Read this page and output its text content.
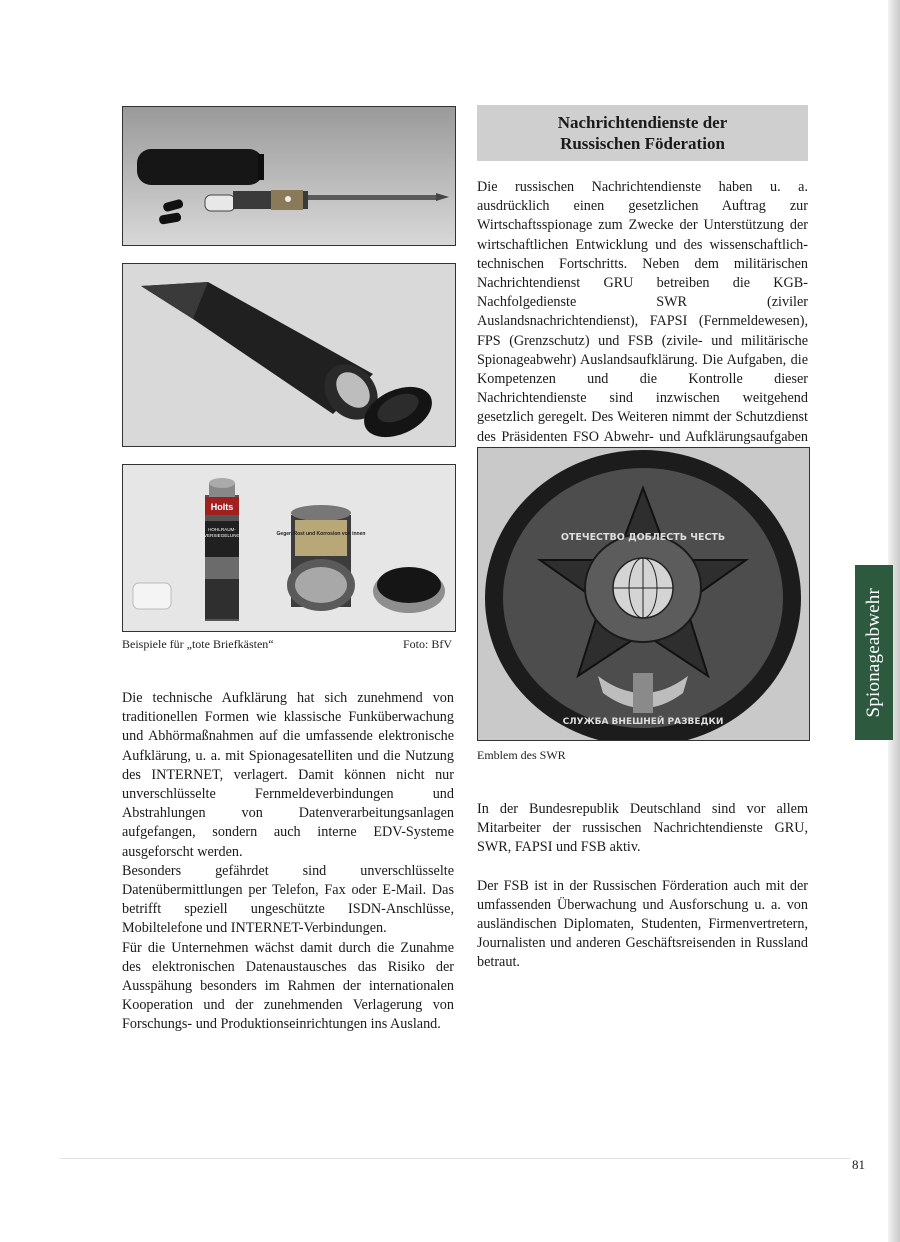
Holts
HOHLRAUM-
VERSIEGELUNG	Gegen Rost und Korrosion von innen
Beispiele für „tote Briefkästen“	Foto: BfV
Nachrichtendienste der
Russischen Föderation
Die russischen Nachrichtendienste haben u. a. ausdrücklich einen gesetzlichen Auftrag zur Wirtschaftsspionage zum Zwecke der Unterstützung der wirtschaftlichen Entwicklung und des wissenschaftlich-technischen Fortschritts. Neben dem militärischen Nachrichtendienst GRU betreiben die KGB-Nachfolgedienste SWR (ziviler Auslandsnachrichtendienst), FAPSI (Fernmeldewesen), FPS (Grenzschutz) und FSB (zivile- und militärische Spionageabwehr) Auslandsaufklärung. Die Aufgaben, die Kompetenzen und die Kontrolle dieser Nachrichtendienste sind inzwischen weitgehend gesetzlich geregelt. Des Weiteren nimmt der Schutzdienst des Präsidenten FSO Abwehr- und Aufklärungsaufgaben
ОТЕЧЕСТВО ДОБЛЕСТЬ ЧЕСТЬ
СЛУЖБА ВНЕШНЕЙ РАЗВЕДКИ
Emblem des SWR

Die technische Aufklärung hat sich zunehmend von traditionellen Formen wie klassische Funküberwachung und Abhörmaßnahmen auf die umfassende elektronische Aufklärung, u. a. mit Spionagesatelliten und die Nutzung des INTERNET, verlagert. Damit können nicht nur unverschlüsselte Fernmeldeverbindungen und Abstrahlungen von Datenverarbeitungsanlagen aufgefangen, sondern auch interne EDV-Systeme ausgeforscht werden.

Besonders gefährdet sind unverschlüsselte Datenübermittlungen per Telefon, Fax oder E-Mail. Das betrifft speziell ungeschützte ISDN-Anschlüsse, Mobiltelefone und INTERNET-Verbindungen.

Für die Unternehmen wächst damit durch die Zunahme des elektronischen Datenaustausches das Risiko der Ausspähung besonders im Rahmen der internationalen Kooperation und der zunehmenden Verlagerung von Forschungs- und Produktionseinrichtungen ins Ausland.

In der Bundesrepublik Deutschland sind vor allem Mitarbeiter der russischen Nachrichtendienste GRU, SWR, FAPSI und FSB aktiv.

Der FSB ist in der Russischen Förderation auch mit der umfassenden Überwachung und Ausforschung u. a. von ausländischen Diplomaten, Studenten, Firmenvertretern, Journalisten und anderen Geschäftsreisenden in Russland betraut.

Spionageabwehr
81
